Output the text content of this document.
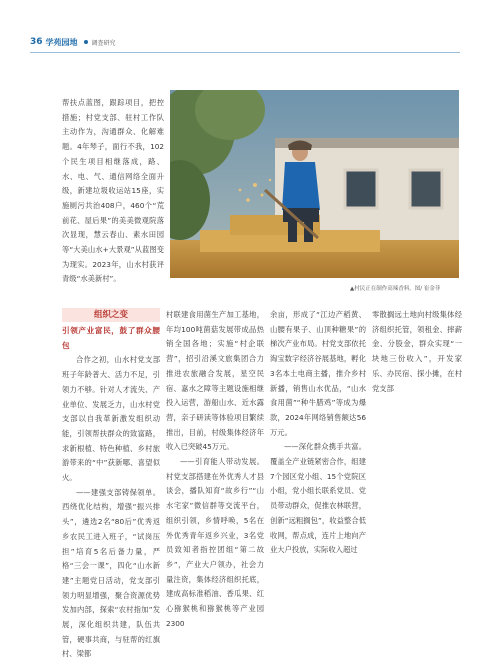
36 学苑园地 调查研究

帮扶点蓝图，跟踪项目，把控措施；村党支部、驻村工作队主动作为，沟通群众、化解难题。4年琴子，面行不我，102个民生项目相继落成，路、水、电、气、通信网络全面升级，新建垃圾收运站15座，实施厕污共治408户，460个“荒前花、屋后果”的美美微观院落次显现，慧云春山、素水田园等“大美山水+大景观”从蓝图变为现实。2023年，山水村获评青级“水美新村”。

▲村民正在制作高辣香料。图/ 崔金菲
组织之变
引领产业富民，鼓了群众腰包

合作之初，山水村党支部班子年龄普大、活力不足，引领力不够。针对人才流失、产业单位、发展乏力，山水村党支部以自我革新激发组织动能，引领帮扶群众的致富路，求新根植、特色种植、乡村旅游带来的“中”获新哪、喜望似火。

——建强支部铸保领单。西绕优化结构，增强“振兴排头”，遴选2名“80后”优秀返乡农民工进入班子，“试岗压担”培育5名后备力量，严格“三会一课”，四化“山水新建”主题党日活动，党支部引领力明显增强，聚合资源优势发加内部，探索“农村指加”发展，深化组织共建，队伍共管，硬事共商，与驻帮的红旗村、梁都

村联建食用菌生产加工基地，年均100吨菌菇发展带成品热销全国各地；实施“村企联营”，招引沿溪文旅集团合力推进农旅融合发展，星空民宿、嘉水之障等主题设施相继投入运营，游船山水、近水露营，亲子研读等体验项目繁续推出，目前，村级集体经济年收入已突破45万元。

——引育能人带动发展。村党支部搭建在外优秀人才县谈会，播队知育“故乡行”“山水宅家”微信群等交流平台，组织引领，乡情呼唤，5名在外优秀青年返乡兴业，3名党员致知者指控团组“第二故乡”，产业大户领办，社会力量注资，集体经济组织托底，建成高标准稻油、香瓜果、红心猕猴桃和猕猴桃等产业园2300

余亩，形成了“江边产稻黄、山腰有果子、山顶种糖果”的梯次产业布局。村党支部依托淘宝数字经济谷展基地，孵化3名本土电商主播，推介乡村新播，销售山水优品，“山水食用菌”“种牛腊鸡”等成为爆款，2024年网络销售额达56万元。

——深化群众携手共富。覆盖全产业链紧密合作，组建7个园区党小组、15个党院区小组，党小组长联系党员、党员带动群众，促推农林联营，创新“远粗搁包”，收益整合低收网，帮点成，连片上地向产业大户投放，实际收入超过

零散搁远土地向村级集体经济组织托管，领租金、摔薪金、分股金，群众实现“一块地三份收入”，开发家乐、办民宿、探小摊，在村党支部
